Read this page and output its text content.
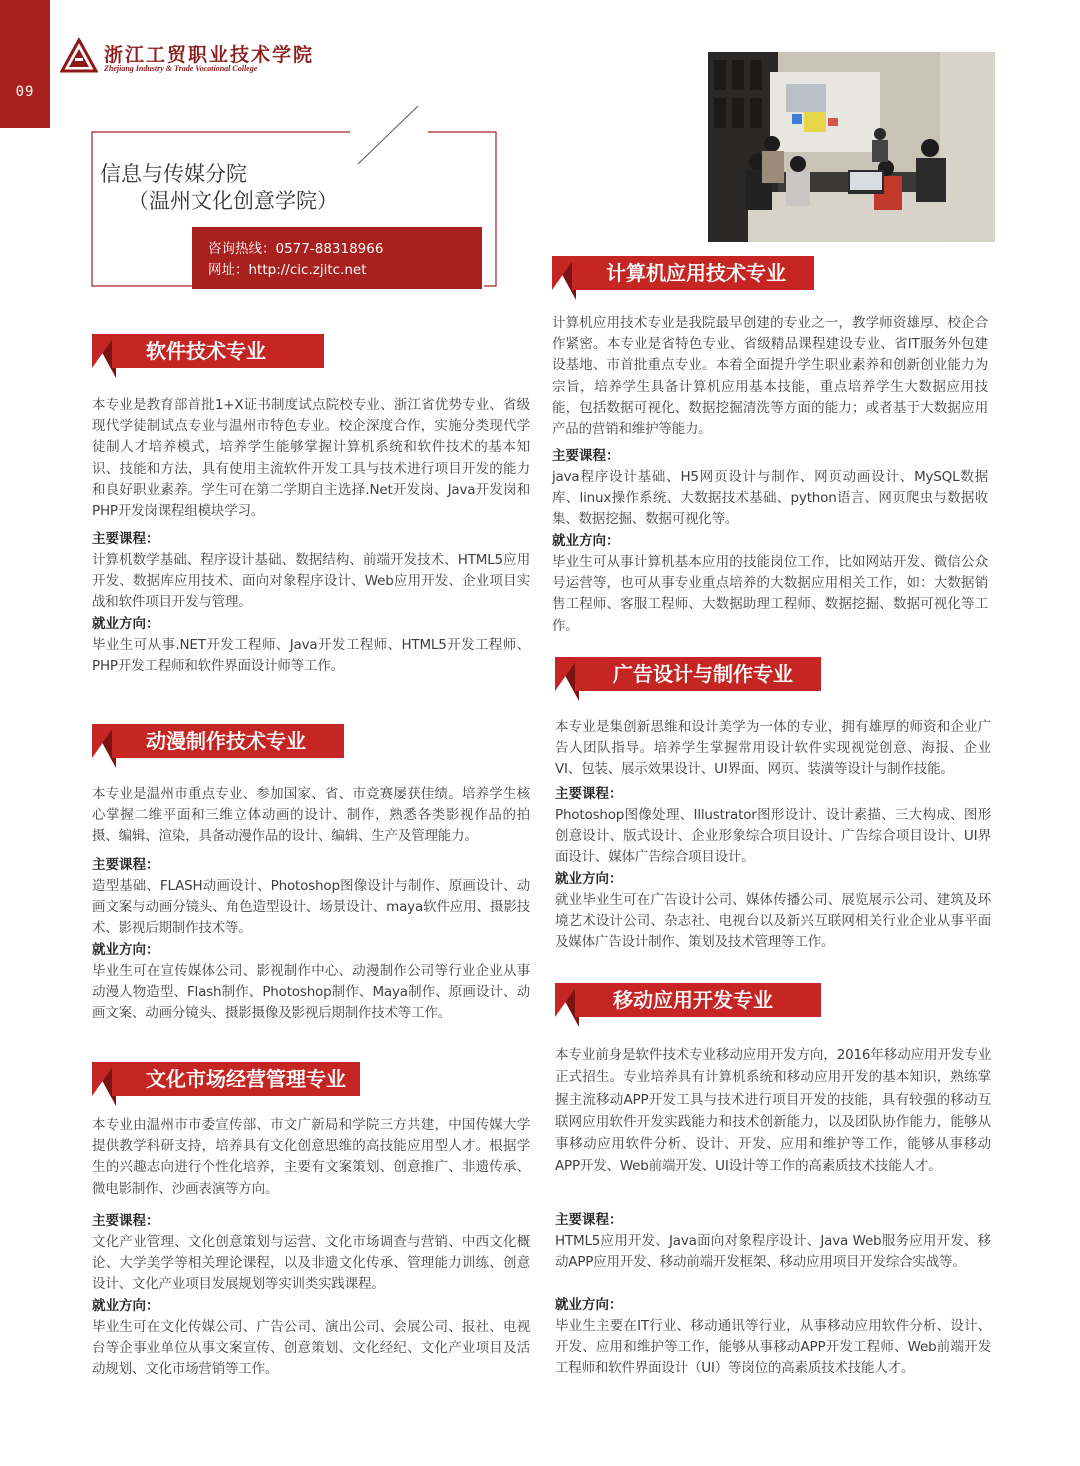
09
浙江工贸职业技术学院
Zhejiang Industry & Trade Vocational College
信息与传媒分院
（温州文化创意学院）
咨询热线：0577-88318966
网址：http://cic.zjitc.net
软件技术专业
本专业是教育部首批1+X证书制度试点院校专业、浙江省优势专业、省级现代学徒制试点专业与温州市特色专业。校企深度合作，实施分类现代学徒制人才培养模式，培养学生能够掌握计算机系统和软件技术的基本知识、技能和方法，具有使用主流软件开发工具与技术进行项目开发的能力和良好职业素养。学生可在第二学期自主选择.Net开发岗、Java开发岗和PHP开发岗课程组模块学习。
主要课程：
计算机数学基础、程序设计基础、数据结构、前端开发技术、HTML5应用开发、数据库应用技术、面向对象程序设计、Web应用开发、企业项目实战和软件项目开发与管理。
就业方向：
毕业生可从事.NET开发工程师、Java开发工程师、HTML5开发工程师、PHP开发工程师和软件界面设计师等工作。
动漫制作技术专业
本专业是温州市重点专业、参加国家、省、市竞赛屡获佳绩。培养学生核心掌握二维平面和三维立体动画的设计、制作，熟悉各类影视作品的拍摄、编辑、渲染，具备动漫作品的设计、编辑、生产及管理能力。
主要课程：
造型基础、FLASH动画设计、Photoshop图像设计与制作、原画设计、动画文案与动画分镜头、角色造型设计、场景设计、maya软件应用、摄影技术、影视后期制作技术等。
就业方向：
毕业生可在宣传媒体公司、影视制作中心、动漫制作公司等行业企业从事动漫人物造型、Flash制作、Photoshop制作、Maya制作、原画设计、动画文案、动画分镜头、摄影摄像及影视后期制作技术等工作。
文化市场经营管理专业
本专业由温州市市委宣传部、市文广新局和学院三方共建，中国传媒大学提供教学科研支持，培养具有文化创意思维的高技能应用型人才。根据学生的兴趣志向进行个性化培养，主要有文案策划、创意推广、非遗传承、微电影制作、沙画表演等方向。
主要课程：
文化产业管理、文化创意策划与运营、文化市场调查与营销、中西文化概论、大学美学等相关理论课程，以及非遗文化传承、管理能力训练、创意设计、文化产业项目发展规划等实训类实践课程。
就业方向：
毕业生可在文化传媒公司、广告公司、演出公司、会展公司、报社、电视台等企事业单位从事文案宣传、创意策划、文化经纪、文化产业项目及活动规划、文化市场营销等工作。
计算机应用技术专业
计算机应用技术专业是我院最早创建的专业之一，教学师资雄厚、校企合作紧密。本专业是省特色专业、省级精品课程建设专业、省IT服务外包建设基地、市首批重点专业。本着全面提升学生职业素养和创新创业能力为宗旨，培养学生具备计算机应用基本技能，重点培养学生大数据应用技能，包括数据可视化、数据挖掘清洗等方面的能力；或者基于大数据应用产品的营销和维护等能力。
主要课程：
java程序设计基础、H5网页设计与制作、网页动画设计、MySQL数据库、linux操作系统、大数据技术基础、python语言、网页爬虫与数据收集、数据挖掘、数据可视化等。
就业方向：
毕业生可从事计算机基本应用的技能岗位工作，比如网站开发、微信公众号运营等，也可从事专业重点培养的大数据应用相关工作，如：大数据销售工程师、客服工程师、大数据助理工程师、数据挖掘、数据可视化等工作。
广告设计与制作专业
本专业是集创新思维和设计美学为一体的专业，拥有雄厚的师资和企业广告人团队指导。培养学生掌握常用设计软件实现视觉创意、海报、企业VI、包装、展示效果设计、UI界面、网页、装潢等设计与制作技能。
主要课程：
Photoshop图像处理、Illustrator图形设计、设计素描、三大构成、图形创意设计、版式设计、企业形象综合项目设计、广告综合项目设计、UI界面设计、媒体广告综合项目设计。
就业方向：
就业毕业生可在广告设计公司、媒体传播公司、展览展示公司、建筑及环境艺术设计公司、杂志社、电视台以及新兴互联网相关行业企业从事平面及媒体广告设计制作、策划及技术管理等工作。
移动应用开发专业
本专业前身是软件技术专业移动应用开发方向，2016年移动应用开发专业正式招生。专业培养具有计算机系统和移动应用开发的基本知识，熟练掌握主流移动APP开发工具与技术进行项目开发的技能，具有较强的移动互联网应用软件开发实践能力和技术创新能力，以及团队协作能力，能够从事移动应用软件分析、设计、开发、应用和维护等工作，能够从事移动APP开发、Web前端开发、UI设计等工作的高素质技术技能人才。
主要课程：
HTML5应用开发、Java面向对象程序设计、Java Web服务应用开发、移动APP应用开发、移动前端开发框架、移动应用项目开发综合实战等。
就业方向：
毕业生主要在IT行业、移动通讯等行业，从事移动应用软件分析、设计、开发、应用和维护等工作，能够从事移动APP开发工程师、Web前端开发工程师和软件界面设计（UI）等岗位的高素质技术技能人才。
